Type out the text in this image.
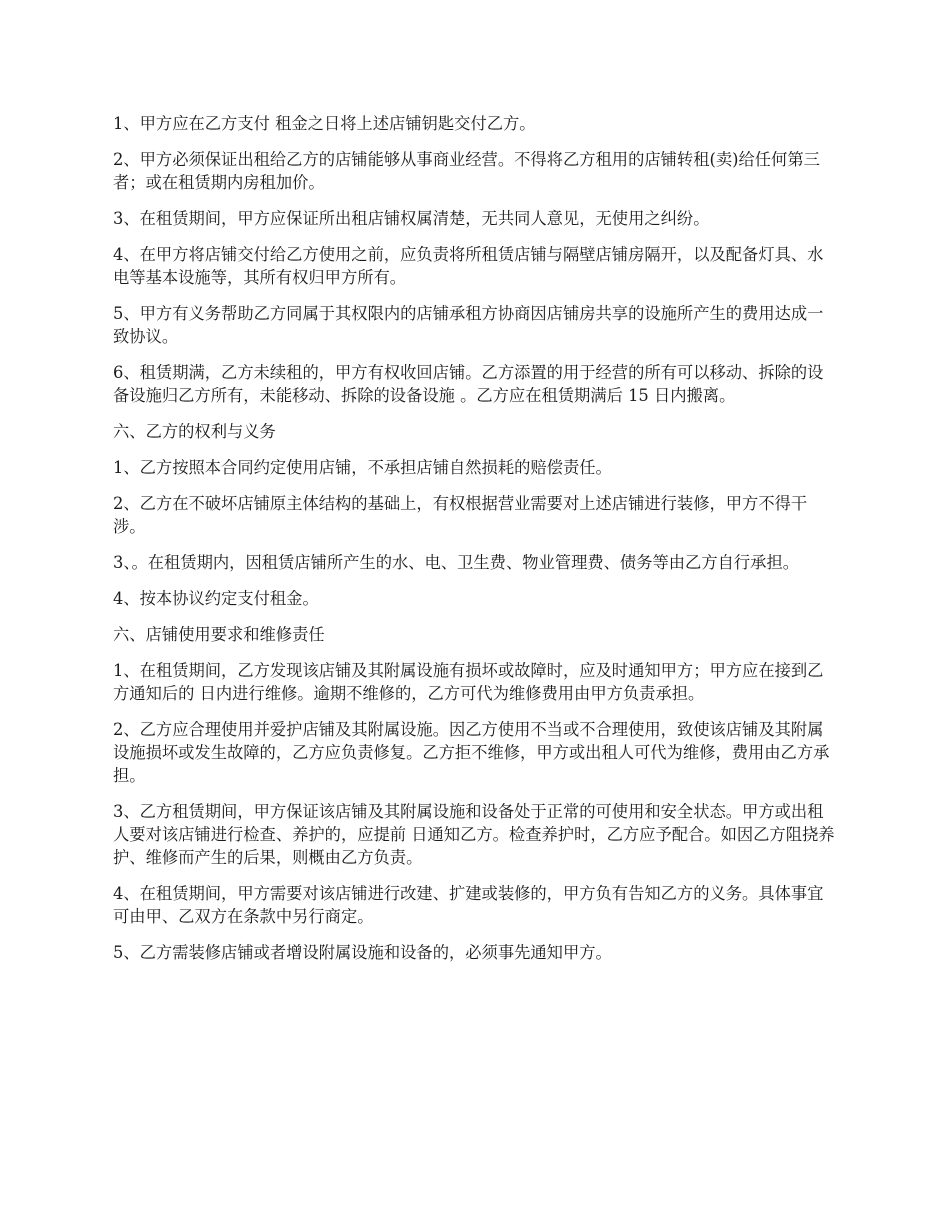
1、甲方应在乙方支付 租金之日将上述店铺钥匙交付乙方。

2、甲方必须保证出租给乙方的店铺能够从事商业经营。不得将乙方租用的店铺转租(卖)给任何第三者；或在租赁期内房租加价。

3、在租赁期间，甲方应保证所出租店铺权属清楚，无共同人意见，无使用之纠纷。

4、在甲方将店铺交付给乙方使用之前，应负责将所租赁店铺与隔壁店铺房隔开，以及配备灯具、水电等基本设施等，其所有权归甲方所有。

5、甲方有义务帮助乙方同属于其权限内的店铺承租方协商因店铺房共享的设施所产生的费用达成一致协议。

6、租赁期满，乙方未续租的，甲方有权收回店铺。乙方添置的用于经营的所有可以移动、拆除的设备设施归乙方所有，未能移动、拆除的设备设施 。乙方应在租赁期满后 15 日内搬离。

六、乙方的权利与义务

1、乙方按照本合同约定使用店铺，不承担店铺自然损耗的赔偿责任。

2、乙方在不破坏店铺原主体结构的基础上，有权根据营业需要对上述店铺进行装修，甲方不得干涉。

3、。在租赁期内，因租赁店铺所产生的水、电、卫生费、物业管理费、债务等由乙方自行承担。

4、按本协议约定支付租金。

六、店铺使用要求和维修责任

1、在租赁期间，乙方发现该店铺及其附属设施有损坏或故障时，应及时通知甲方；甲方应在接到乙方通知后的 日内进行维修。逾期不维修的，乙方可代为维修费用由甲方负责承担。

2、乙方应合理使用并爱护店铺及其附属设施。因乙方使用不当或不合理使用，致使该店铺及其附属设施损坏或发生故障的，乙方应负责修复。乙方拒不维修，甲方或出租人可代为维修，费用由乙方承担。

3、乙方租赁期间，甲方保证该店铺及其附属设施和设备处于正常的可使用和安全状态。甲方或出租人要对该店铺进行检查、养护的，应提前 日通知乙方。检查养护时，乙方应予配合。如因乙方阻挠养护、维修而产生的后果，则概由乙方负责。

4、在租赁期间，甲方需要对该店铺进行改建、扩建或装修的，甲方负有告知乙方的义务。具体事宜可由甲、乙双方在条款中另行商定。

5、乙方需装修店铺或者增设附属设施和设备的，必须事先通知甲方。
